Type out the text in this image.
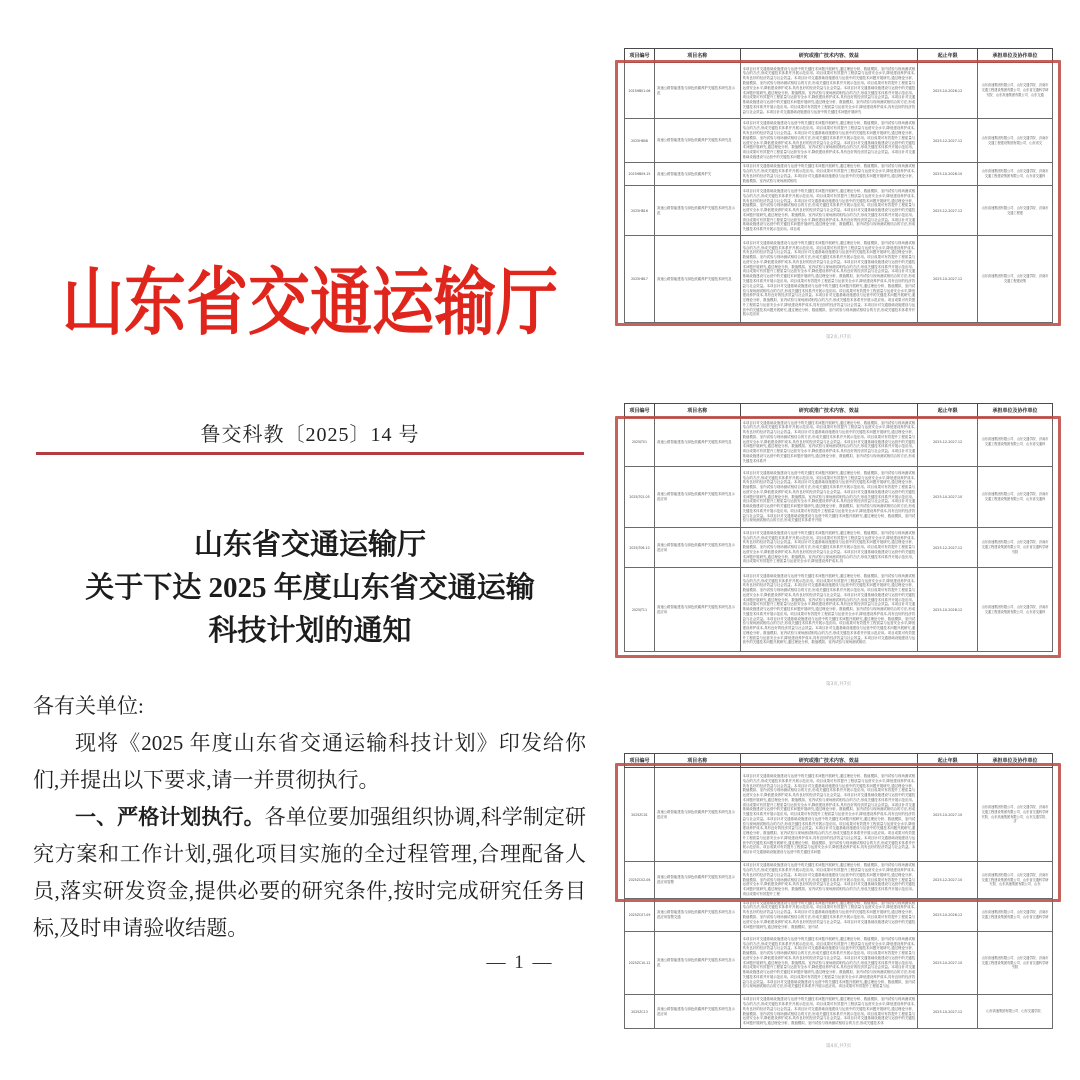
山东省交通运输厅
鲁交科教〔2025〕14 号
山东省交通运输厅
关于下达 2025 年度山东省交通运输
科技计划的通知

各有关单位:

现将《2025 年度山东省交通运输科技计划》印发给你们,并提出以下要求,请一并贯彻执行。

一、严格计划执行。各单位要加强组织协调,科学制定研究方案和工作计划,强化项目实施的全过程管理,合理配备人员,落实研发资金,提供必要的研究条件,按时完成研究任务目标,及时申请验收结题。

— 1 —
项目编号	项目名称	研究或推广技术内容、效益	起止年限	承担单位及协作单位

2025HB01-06	高速公路智能建造与绿色低碳养护关键技术研究及示范	本项目针对交通基础设施建设与运营中的关键技术问题开展研究,通过理论分析、数值模拟、室内试验与现场测试相结合的方法,形成关键技术体系并开展示范应用。项目成果可有效提升工程质量与运营安全水平,降低建设养护成本,具有良好的经济效益与社会效益。本项目针对交通基础设施建设与运营中的关键技术问题开展研究,通过理论分析、数值模拟、室内试验与现场测试相结合的方法,形成关键技术体系并开展示范应用。项目成果可有效提升工程质量与运营安全水平,降低建设养护成本,具有良好的经济效益与社会效益。本项目针对交通基础设施建设与运营中的关键技术问题开展研究,通过理论分析、数值模拟、室内试验与现场测试相结合的方法,形成关键技术体系并开展示范应用。项目成果可有效提升工程质量与运营安全水平,降低建设养护成本,具有良好的经济效益与社会效益。本项目针对交通基础设施建设与运营中的关键技术问题开展研究,通过理论分析、数值模拟、室内试验与现场测试相结合的方法,形成关键技术体系并开展示范应用。项目成果可有效提升工程质量与运营安全水平,降低建设养护成本,具有良好的经济效益与社会效益。本项目针对交通基础设施建设与运营中的关键技术问题开展研究	2025.10-2026.12	山东高速集团有限公司、山东交通学院、济南市交通工程建设集团有限公司、山东省交通科学研究院、山东高速集团有限公司、山东交通

2025HB08	高速公路智能建造与绿色低碳养护关键技术研究及	本项目针对交通基础设施建设与运营中的关键技术问题开展研究,通过理论分析、数值模拟、室内试验与现场测试相结合的方法,形成关键技术体系并开展示范应用。项目成果可有效提升工程质量与运营安全水平,降低建设养护成本,具有良好的经济效益与社会效益。本项目针对交通基础设施建设与运营中的关键技术问题开展研究,通过理论分析、数值模拟、室内试验与现场测试相结合的方法,形成关键技术体系并开展示范应用。项目成果可有效提升工程质量与运营安全水平,降低建设养护成本,具有良好的经济效益与社会效益。本项目针对交通基础设施建设与运营中的关键技术问题开展研究,通过理论分析、数值模拟、室内试验与现场测试相结合的方法,形成关键技术体系并开展示范应用。项目成果可有效提升工程质量与运营安全水平,降低建设养护成本,具有良好的经济效益与社会效益。本项目针对交通基础设施建设与运营中的关键技术问题开展	2025.12-2027.12	山东高速集团有限公司、山东交通学院、济南市交通工程建设集团有限公司、山东省交

2025HB09-15	高速公路智能建造与绿色低碳养护关	本项目针对交通基础设施建设与运营中的关键技术问题开展研究,通过理论分析、数值模拟、室内试验与现场测试相结合的方法,形成关键技术体系并开展示范应用。项目成果可有效提升工程质量与运营安全水平,降低建设养护成本,具有良好的经济效益与社会效益。本项目针对交通基础设施建设与运营中的关键技术问题开展研究,通过理论分析、数值模拟、室内试验与现场测试相结	2025.10-2026.10	山东高速集团有限公司、山东交通学院、济南市交通工程建设集团有限公司、山东省交通科

2025HB16	高速公路智能建造与绿色低碳养护关键技术研究及示范	本项目针对交通基础设施建设与运营中的关键技术问题开展研究,通过理论分析、数值模拟、室内试验与现场测试相结合的方法,形成关键技术体系并开展示范应用。项目成果可有效提升工程质量与运营安全水平,降低建设养护成本,具有良好的经济效益与社会效益。本项目针对交通基础设施建设与运营中的关键技术问题开展研究,通过理论分析、数值模拟、室内试验与现场测试相结合的方法,形成关键技术体系并开展示范应用。项目成果可有效提升工程质量与运营安全水平,降低建设养护成本,具有良好的经济效益与社会效益。本项目针对交通基础设施建设与运营中的关键技术问题开展研究,通过理论分析、数值模拟、室内试验与现场测试相结合的方法,形成关键技术体系并开展示范应用。项目成果可有效提升工程质量与运营安全水平,降低建设养护成本,具有良好的经济效益与社会效益。本项目针对交通基础设施建设与运营中的关键技术问题开展研究,通过理论分析、数值模拟、室内试验与现场测试相结合的方法,形成关键技术体系并开展示范应用。项目成	2025.12-2027.12	山东高速集团有限公司、山东交通学院、济南市交通工程建

2025HB17	高速公路智能建造与绿色低碳养护关键技术研究及	本项目针对交通基础设施建设与运营中的关键技术问题开展研究,通过理论分析、数值模拟、室内试验与现场测试相结合的方法,形成关键技术体系并开展示范应用。项目成果可有效提升工程质量与运营安全水平,降低建设养护成本,具有良好的经济效益与社会效益。本项目针对交通基础设施建设与运营中的关键技术问题开展研究,通过理论分析、数值模拟、室内试验与现场测试相结合的方法,形成关键技术体系并开展示范应用。项目成果可有效提升工程质量与运营安全水平,降低建设养护成本,具有良好的经济效益与社会效益。本项目针对交通基础设施建设与运营中的关键技术问题开展研究,通过理论分析、数值模拟、室内试验与现场测试相结合的方法,形成关键技术体系并开展示范应用。项目成果可有效提升工程质量与运营安全水平,降低建设养护成本,具有良好的经济效益与社会效益。本项目针对交通基础设施建设与运营中的关键技术问题开展研究,通过理论分析、数值模拟、室内试验与现场测试相结合的方法,形成关键技术体系并开展示范应用。项目成果可有效提升工程质量与运营安全水平,降低建设养护成本,具有良好的经济效益与社会效益。本项目针对交通基础设施建设与运营中的关键技术问题开展研究,通过理论分析、数值模拟、室内试验与现场测试相结合的方法,形成关键技术体系并开展示范应用。项目成果可有效提升工程质量与运营安全水平,降低建设养护成本,具有良好的经济效益与社会效益。本项目针对交通基础设施建设与运营中的关键技术问题开展研究,通过理论分析、数值模拟、室内试验与现场测试相结合的方法,形成关键技术体系并开展示范应用。项目成果可有效提升工程质量与运营安全水平,降低建设养护成本,具有良好的经济效益与社会效益。本项目针对交通基础设施建设与运营中的关键技术问题开展研究,通过理论分析、数值模拟、室内试验与现场测试相结合的方法,形成关键技术体系并开展示范应用	2025.10-2027.12	山东高速集团有限公司、山东交通学院、济南市交通工程建设集
项目编号	项目名称	研究或推广技术内容、效益	起止年限	承担单位及协作单位

2025JT01	高速公路智能建造与绿色低碳养护关键技术研究及	本项目针对交通基础设施建设与运营中的关键技术问题开展研究,通过理论分析、数值模拟、室内试验与现场测试相结合的方法,形成关键技术体系并开展示范应用。项目成果可有效提升工程质量与运营安全水平,降低建设养护成本,具有良好的经济效益与社会效益。本项目针对交通基础设施建设与运营中的关键技术问题开展研究,通过理论分析、数值模拟、室内试验与现场测试相结合的方法,形成关键技术体系并开展示范应用。项目成果可有效提升工程质量与运营安全水平,降低建设养护成本,具有良好的经济效益与社会效益。本项目针对交通基础设施建设与运营中的关键技术问题开展研究,通过理论分析、数值模拟、室内试验与现场测试相结合的方法,形成关键技术体系并开展示范应用。项目成果可有效提升工程质量与运营安全水平,降低建设养护成本,具有良好的经济效益与社会效益。本项目针对交通基础设施建设与运营中的关键技术问题开展研究,通过理论分析、数值模拟、室内试验与现场测试相结合的方法,形成关键技术体系并	2025.12-2027.12	山东高速集团有限公司、山东交通学院、济南市交通工程建设集团有限公司、山东省交通科

2025JT02-05	高速公路智能建造与绿色低碳养护关键技术研究及示范应用	本项目针对交通基础设施建设与运营中的关键技术问题开展研究,通过理论分析、数值模拟、室内试验与现场测试相结合的方法,形成关键技术体系并开展示范应用。项目成果可有效提升工程质量与运营安全水平,降低建设养护成本,具有良好的经济效益与社会效益。本项目针对交通基础设施建设与运营中的关键技术问题开展研究,通过理论分析、数值模拟、室内试验与现场测试相结合的方法,形成关键技术体系并开展示范应用。项目成果可有效提升工程质量与运营安全水平,降低建设养护成本,具有良好的经济效益与社会效益。本项目针对交通基础设施建设与运营中的关键技术问题开展研究,通过理论分析、数值模拟、室内试验与现场测试相结合的方法,形成关键技术体系并开展示范应用。项目成果可有效提升工程质量与运营安全水平,降低建设养护成本,具有良好的经济效益与社会效益。本项目针对交通基础设施建设与运营中的关键技术问题开展研究,通过理论分析、数值模拟、室内试验与现场测试相结合的方法,形成关键技术体系并开展示范应用。项目成果可有效提升工程质量与运营安全水平,降低建设养护成本,具有良好的经济效益与社会效益。本项目针对交通基础设施建设与运营中的关键技术问题开展研究,通过理论分析、数值模拟、室内试验与现场测试相结合的方法,形成关键技术体系并开展	2025.10-2027.10	山东高速集团有限公司、山东交通学院、济南市交通工程建设集团有限公司、山东省交通科

2025JT06-10	高速公路智能建造与绿色低碳养护关键技术研究及示范应用	本项目针对交通基础设施建设与运营中的关键技术问题开展研究,通过理论分析、数值模拟、室内试验与现场测试相结合的方法,形成关键技术体系并开展示范应用。项目成果可有效提升工程质量与运营安全水平,降低建设养护成本,具有良好的经济效益与社会效益。本项目针对交通基础设施建设与运营中的关键技术问题开展研究,通过理论分析、数值模拟、室内试验与现场测试相结合的方法,形成关键技术体系并开展示范应用。项目成果可有效提升工程质量与运营安全水平,降低建设养护成本,具有良好的经济效益与社会效益。本项目针对交通基础设施建设与运营中的关键技术问题开展研究,通过理论分析、数值模拟、室内试验与现场测试相结合的方法,形成关键技术体系并开展示范应用。项目成果可有效提升工程质量与运营安全水平,降低建设养护成本,具	2025.12-2027.12	山东高速集团有限公司、山东交通学院、济南市交通工程建设集团有限公司、山东省交通科学研究院

2025JT11	高速公路智能建造与绿色低碳养护关键技术研究及示范应用	本项目针对交通基础设施建设与运营中的关键技术问题开展研究,通过理论分析、数值模拟、室内试验与现场测试相结合的方法,形成关键技术体系并开展示范应用。项目成果可有效提升工程质量与运营安全水平,降低建设养护成本,具有良好的经济效益与社会效益。本项目针对交通基础设施建设与运营中的关键技术问题开展研究,通过理论分析、数值模拟、室内试验与现场测试相结合的方法,形成关键技术体系并开展示范应用。项目成果可有效提升工程质量与运营安全水平,降低建设养护成本,具有良好的经济效益与社会效益。本项目针对交通基础设施建设与运营中的关键技术问题开展研究,通过理论分析、数值模拟、室内试验与现场测试相结合的方法,形成关键技术体系并开展示范应用。项目成果可有效提升工程质量与运营安全水平,降低建设养护成本,具有良好的经济效益与社会效益。本项目针对交通基础设施建设与运营中的关键技术问题开展研究,通过理论分析、数值模拟、室内试验与现场测试相结合的方法,形成关键技术体系并开展示范应用。项目成果可有效提升工程质量与运营安全水平,降低建设养护成本,具有良好的经济效益与社会效益。本项目针对交通基础设施建设与运营中的关键技术问题开展研究,通过理论分析、数值模拟、室内试验与现场测试相结合的方法,形成关键技术体系并开展示范应用。项目成果可有效提升工程质量与运营安全水平,降低建设养护成本,具有良好的经济效益与社会效益。本项目针对交通基础设施建设与运营中的关键技术问题开展研究,通过理论分析、数值模拟、室内试验与现场测试相结合的方法,形成关键技术体系并开展示范应用。项目成果可有效提升工程质量与运营安全水平,降低建设养护成本,具有良好的经济效益与社会效益。本项目针对交通基础设施建设与运营中的关键技术问题开展研究,通过理论分析、数值模拟、室内试验与现场测试相结	2025.10-2028.12	山东高速集团有限公司、山东交通学院、济南市交通工程建设集团有限公司、山东省交通科
项目编号	项目名称	研究或推广技术内容、效益	起止年限	承担单位及协作单位

2025ZC01	高速公路智能建造与绿色低碳养护关键技术研究及示范应用	本项目针对交通基础设施建设与运营中的关键技术问题开展研究,通过理论分析、数值模拟、室内试验与现场测试相结合的方法,形成关键技术体系并开展示范应用。项目成果可有效提升工程质量与运营安全水平,降低建设养护成本,具有良好的经济效益与社会效益。本项目针对交通基础设施建设与运营中的关键技术问题开展研究,通过理论分析、数值模拟、室内试验与现场测试相结合的方法,形成关键技术体系并开展示范应用。项目成果可有效提升工程质量与运营安全水平,降低建设养护成本,具有良好的经济效益与社会效益。本项目针对交通基础设施建设与运营中的关键技术问题开展研究,通过理论分析、数值模拟、室内试验与现场测试相结合的方法,形成关键技术体系并开展示范应用。项目成果可有效提升工程质量与运营安全水平,降低建设养护成本,具有良好的经济效益与社会效益。本项目针对交通基础设施建设与运营中的关键技术问题开展研究,通过理论分析、数值模拟、室内试验与现场测试相结合的方法,形成关键技术体系并开展示范应用。项目成果可有效提升工程质量与运营安全水平,降低建设养护成本,具有良好的经济效益与社会效益。本项目针对交通基础设施建设与运营中的关键技术问题开展研究,通过理论分析、数值模拟、室内试验与现场测试相结合的方法,形成关键技术体系并开展示范应用。项目成果可有效提升工程质量与运营安全水平,降低建设养护成本,具有良好的经济效益与社会效益。本项目针对交通基础设施建设与运营中的关键技术问题开展研究,通过理论分析、数值模拟、室内试验与现场测试相结合的方法,形成关键技术体系并开展示范应用。项目成果可有效提升工程质量与运营安全水平,降低建设养护成本,具有良好的经济效益与社会效益。本项目针对交通基础设施建设与运营中的关键技术问题开展研究,通过理论分析、数值模拟、室内试验与现场测试相结合的方法,形成关键技术体系并开展示范应用。项目成果可有效提升工程质量与运营安全水平,降低建设养护成本,具有良好的经济效益与社会效益。本项目针对交通基础设施建设与运营中的关键技术问题	2025.10-2027.10	山东高速集团有限公司、山东交通学院、济南市交通工程建设集团有限公司、山东省交通科学研究院、山东高速集团有限公司、山东交通学院、济

2025ZC02-06	高速公路智能建造与绿色低碳养护关键技术研究及示范应用智慧	本项目针对交通基础设施建设与运营中的关键技术问题开展研究,通过理论分析、数值模拟、室内试验与现场测试相结合的方法,形成关键技术体系并开展示范应用。项目成果可有效提升工程质量与运营安全水平,降低建设养护成本,具有良好的经济效益与社会效益。本项目针对交通基础设施建设与运营中的关键技术问题开展研究,通过理论分析、数值模拟、室内试验与现场测试相结合的方法,形成关键技术体系并开展示范应用。项目成果可有效提升工程质量与运营安全水平,降低建设养护成本,具有良好的经济效益与社会效益。本项目针对交通基础设施建设与运营中的关键技术问题开展研究,通过理论分析、数值模拟、室内试验与现场测试相结合的方法,形成关键技术体系并开展示范应用。项目成果可有效提升工程	2025.12-2027.10	山东高速集团有限公司、山东交通学院、济南市交通工程建设集团有限公司、山东省交通科学研究院、山东高速集团有限公司、山东

2025ZC07-09	高速公路智能建造与绿色低碳养护关键技术研究及示范应用智慧交通	本项目针对交通基础设施建设与运营中的关键技术问题开展研究,通过理论分析、数值模拟、室内试验与现场测试相结合的方法,形成关键技术体系并开展示范应用。项目成果可有效提升工程质量与运营安全水平,降低建设养护成本,具有良好的经济效益与社会效益。本项目针对交通基础设施建设与运营中的关键技术问题开展研究,通过理论分析、数值模拟、室内试验与现场测试相结合的方法,形成关键技术体系并开展示范应用。项目成果可有效提升工程质量与运营安全水平,降低建设养护成本,具有良好的经济效益与社会效益。本项目针对交通基础设施建设与运营中的关键技术问题开展研究,通过理论分析、数值模拟、室内试	2025.10-2026.12	山东高速集团有限公司、山东交通学院、济南市交通工程建设集团有限公司、山东省交通科学研

2025ZC10-12	高速公路智能建造与绿色低碳养护关键技术研究及示范	本项目针对交通基础设施建设与运营中的关键技术问题开展研究,通过理论分析、数值模拟、室内试验与现场测试相结合的方法,形成关键技术体系并开展示范应用。项目成果可有效提升工程质量与运营安全水平,降低建设养护成本,具有良好的经济效益与社会效益。本项目针对交通基础设施建设与运营中的关键技术问题开展研究,通过理论分析、数值模拟、室内试验与现场测试相结合的方法,形成关键技术体系并开展示范应用。项目成果可有效提升工程质量与运营安全水平,降低建设养护成本,具有良好的经济效益与社会效益。本项目针对交通基础设施建设与运营中的关键技术问题开展研究,通过理论分析、数值模拟、室内试验与现场测试相结合的方法,形成关键技术体系并开展示范应用。项目成果可有效提升工程质量与运营安全水平,降低建设养护成本,具有良好的经济效益与社会效益。本项目针对交通基础设施建设与运营中的关键技术问题开展研究,通过理论分析、数值模拟、室内试验与现场测试相结合的方法,形成关键技术体系并开展示范应用。项目成果可有效提升工程质量与运营安全水平,降低建设养护成本,具有良好的经济效益与社会效益。本项目针对交通基础设施建设与运营中的关键技术问题开展研究,通过理论分析、数值模拟、室内试验与现场测试相结合的方法,形成关键技术体系并开展示范应用。项目成果可有效提升工程质量与运	2025.10-2027.10	山东高速集团有限公司、山东交通学院、济南市交通工程建设集团有限公司、山东省交通科学研究院

2025ZC13	高速公路智能建造与绿色低碳养护关键技术研究及示范应用	本项目针对交通基础设施建设与运营中的关键技术问题开展研究,通过理论分析、数值模拟、室内试验与现场测试相结合的方法,形成关键技术体系并开展示范应用。项目成果可有效提升工程质量与运营安全水平,降低建设养护成本,具有良好的经济效益与社会效益。本项目针对交通基础设施建设与运营中的关键技术问题开展研究,通过理论分析、数值模拟、室内试验与现场测试相结合的方法,形成关键技术体系并开展示范应用。项目成果可有效提升工程质量与运营安全水平,降低建设养护成本,具有良好的经济效益与社会效益。本项目针对交通基础设施建设与运营中的关键技术问题开展研究,通过理论分析、数值模拟、室内试验与现场测试相结合的方法,形成关键技术体	2025.10-2027.12	山东高速集团有限公司、山东交通学院、
第2页,共7页
第3页,共7页
第4页,共7页
